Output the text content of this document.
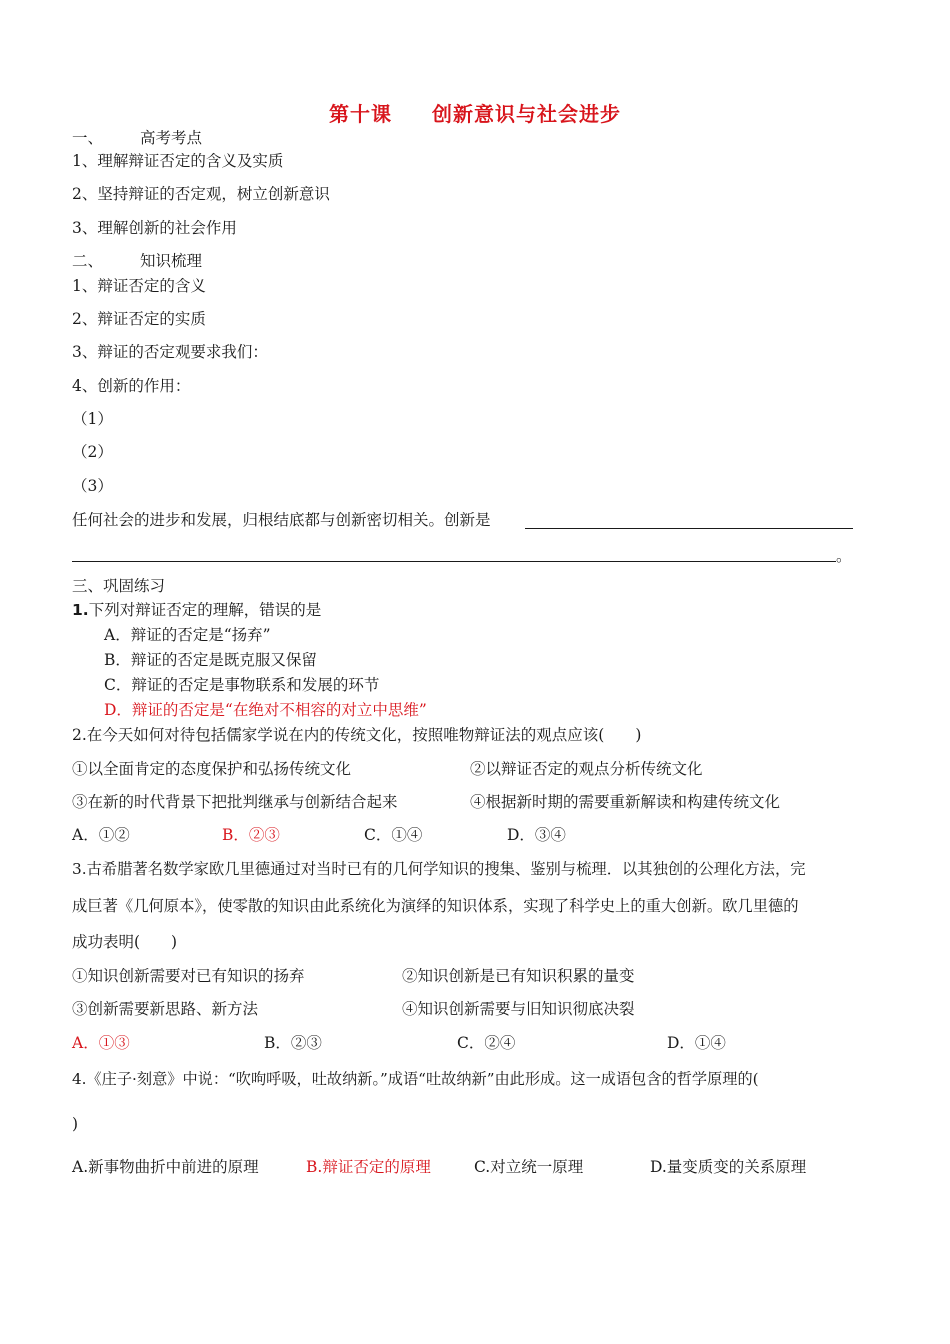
第十课 创新意识与社会进步
一、 高考考点
1、理解辩证否定的含义及实质
2、坚持辩证的否定观，树立创新意识
3、理解创新的社会作用
二、 知识梳理
1、辩证否定的含义
2、辩证否定的实质
3、辩证的否定观要求我们：
4、创新的作用：
（1）
（2）
（3）
任何社会的进步和发展，归根结底都与创新密切相关。创新是
。
三、巩固练习
1.下列对辩证否定的理解，错误的是
A．辩证的否定是“扬弃”
B．辩证的否定是既克服又保留
C．辩证的否定是事物联系和发展的环节
D．辩证的否定是“在绝对不相容的对立中思维”
2.在今天如何对待包括儒家学说在内的传统文化，按照唯物辩证法的观点应该(　　)
①以全面肯定的态度保护和弘扬传统文化	②以辩证否定的观点分析传统文化
③在新的时代背景下把批判继承与创新结合起来	④根据新时期的需要重新解读和构建传统文化
A．①②	B．②③	C．①④	D．③④
3.古希腊著名数学家欧几里德通过对当时已有的几何学知识的搜集、鉴别与梳理．以其独创的公理化方法，完
成巨著《几何原本》，使零散的知识由此系统化为演绎的知识体系，实现了科学史上的重大创新。欧几里德的
成功表明(　　)
①知识创新需要对已有知识的扬弃	②知识创新是已有知识积累的量变
③创新需要新思路、新方法	④知识创新需要与旧知识彻底决裂
A．①③	B．②③	C．②④	D．①④
4.《庄子·刻意》中说：“吹呴呼吸，吐故纳新。”成语“吐故纳新”由此形成。这一成语包含的哲学原理的(
)
A.新事物曲折中前进的原理	B.辩证否定的原理	C.对立统一原理	D.量变质变的关系原理
